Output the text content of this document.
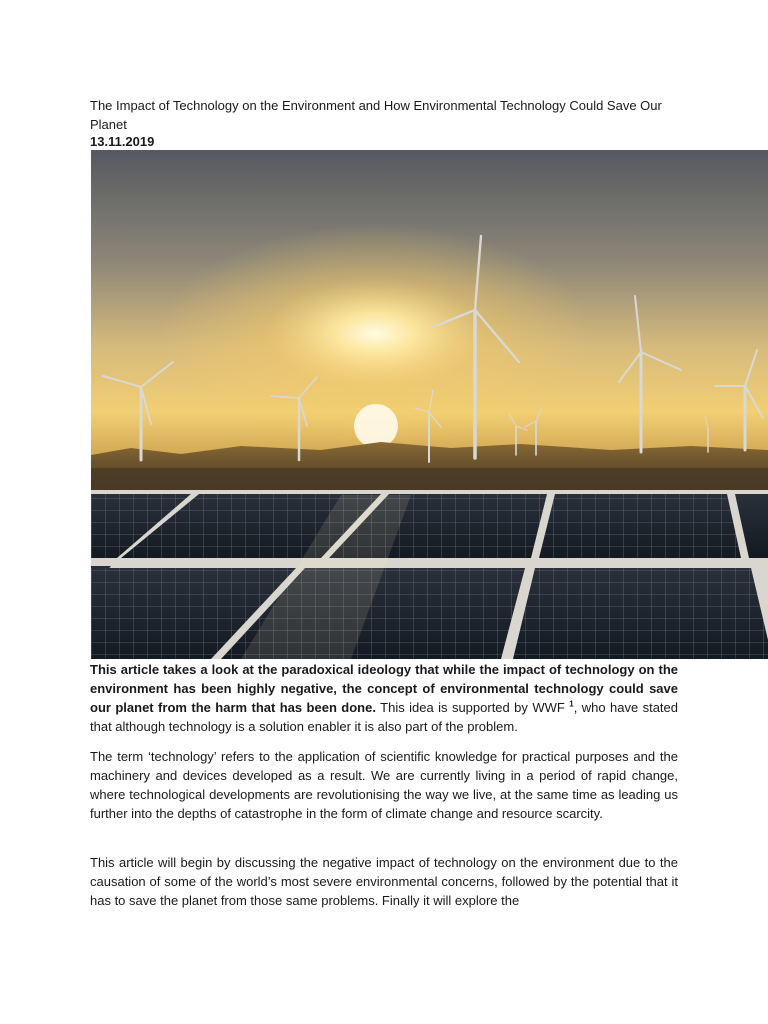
The Impact of Technology on the Environment and How Environmental Technology Could Save Our Planet
13.11.2019

This article takes a look at the paradoxical ideology that while the impact of technology on the environment has been highly negative, the concept of environmental technology could save our planet from the harm that has been done. This idea is supported by WWF $^1$, who have stated that although technology is a solution enabler it is also part of the problem.

The term ‘technology’ refers to the application of scientific knowledge for practical purposes and the machinery and devices developed as a result. We are currently living in a period of rapid change, where technological developments are revolutionising the way we live, at the same time as leading us further into the depths of catastrophe in the form of climate change and resource scarcity.

This article will begin by discussing the negative impact of technology on the environment due to the causation of some of the world’s most severe environmental concerns, followed by the potential that it has to save the planet from those same problems. Finally it will explore the
